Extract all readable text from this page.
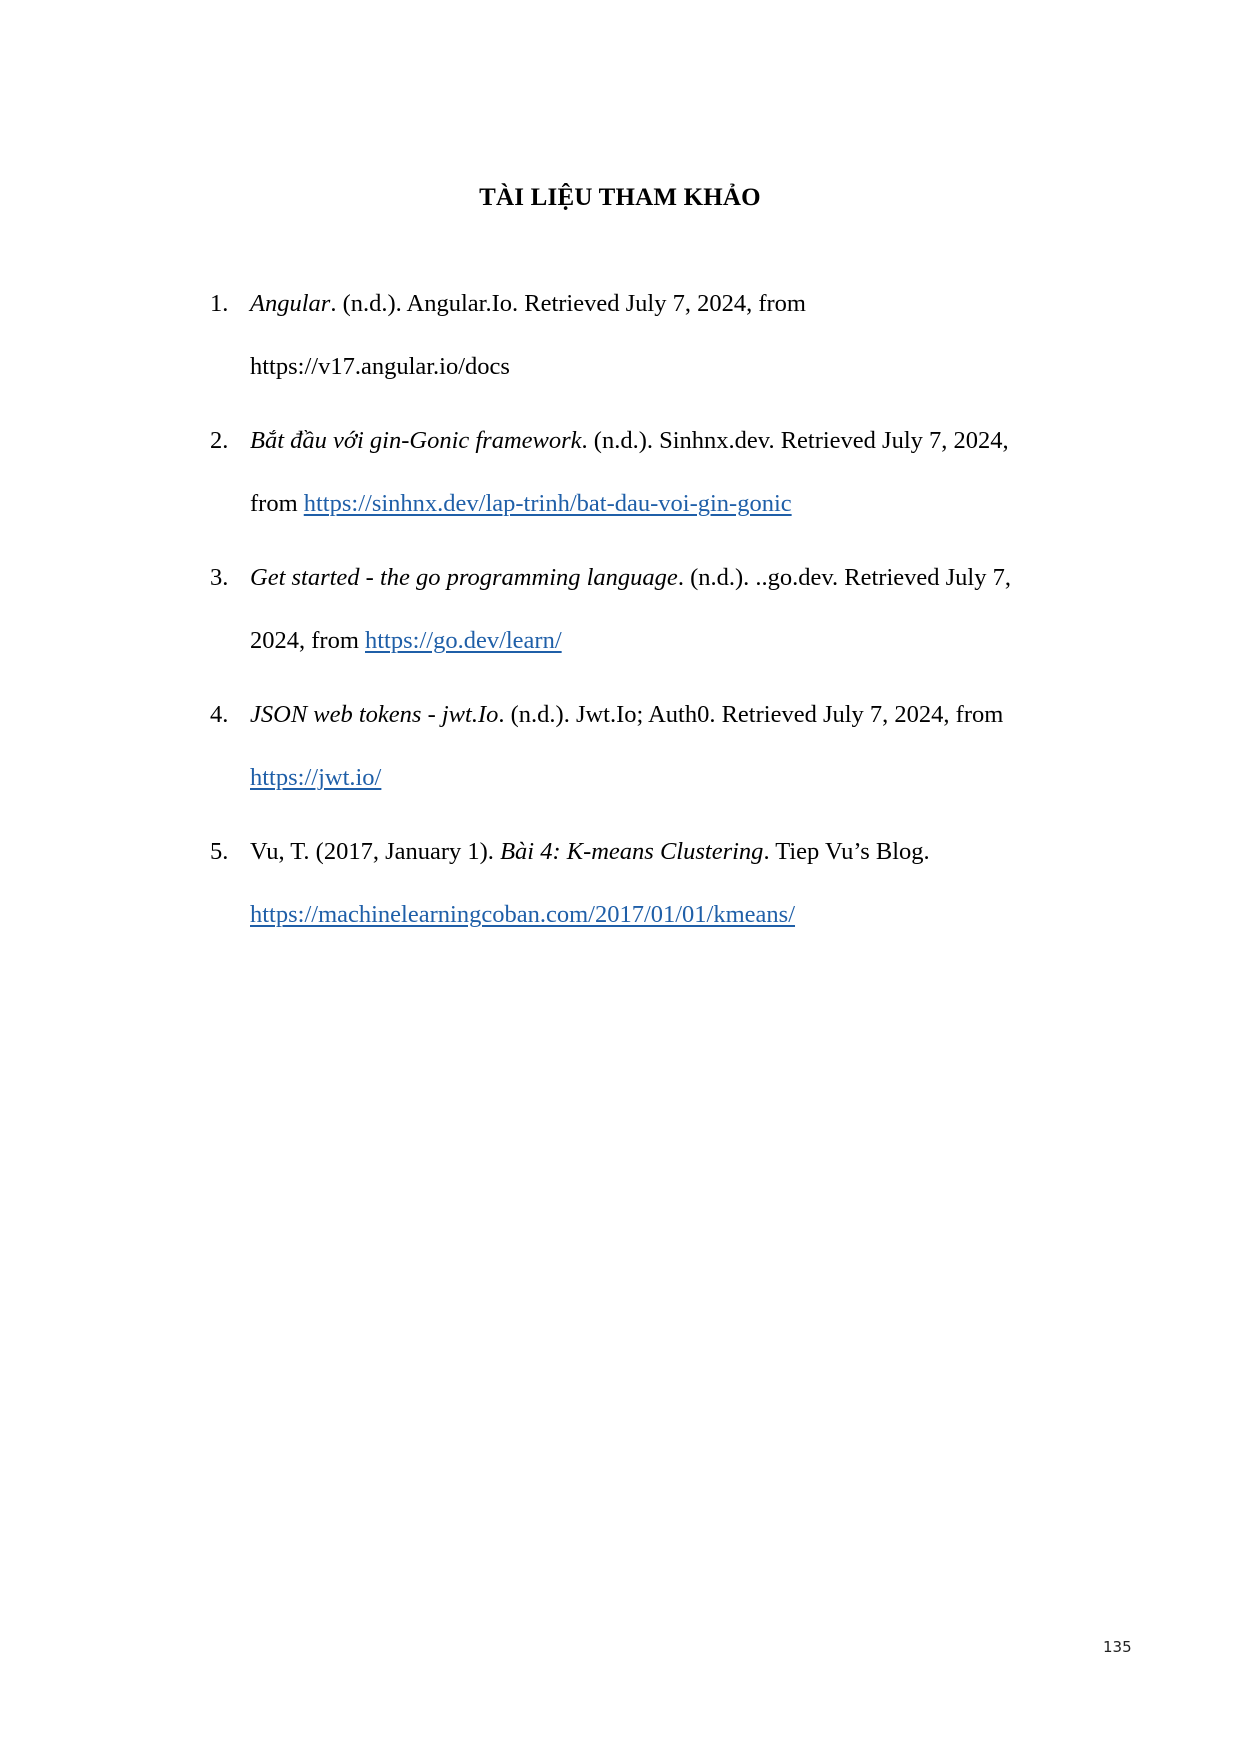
TÀI LIỆU THAM KHẢO
1. Angular. (n.d.). Angular.Io. Retrieved July 7, 2024, from
https://v17.angular.io/docs
2. Bắt đầu với gin-Gonic framework. (n.d.). Sinhnx.dev. Retrieved July 7, 2024,
from https://sinhnx.dev/lap-trinh/bat-dau-voi-gin-gonic
3. Get started - the go programming language. (n.d.). ..go.dev. Retrieved July 7,
2024, from https://go.dev/learn/
4. JSON web tokens - jwt.Io. (n.d.). Jwt.Io; Auth0. Retrieved July 7, 2024, from
https://jwt.io/
5. Vu, T. (2017, January 1). Bài 4: K-means Clustering. Tiep Vu’s Blog.
https://machinelearningcoban.com/2017/01/01/kmeans/
135
